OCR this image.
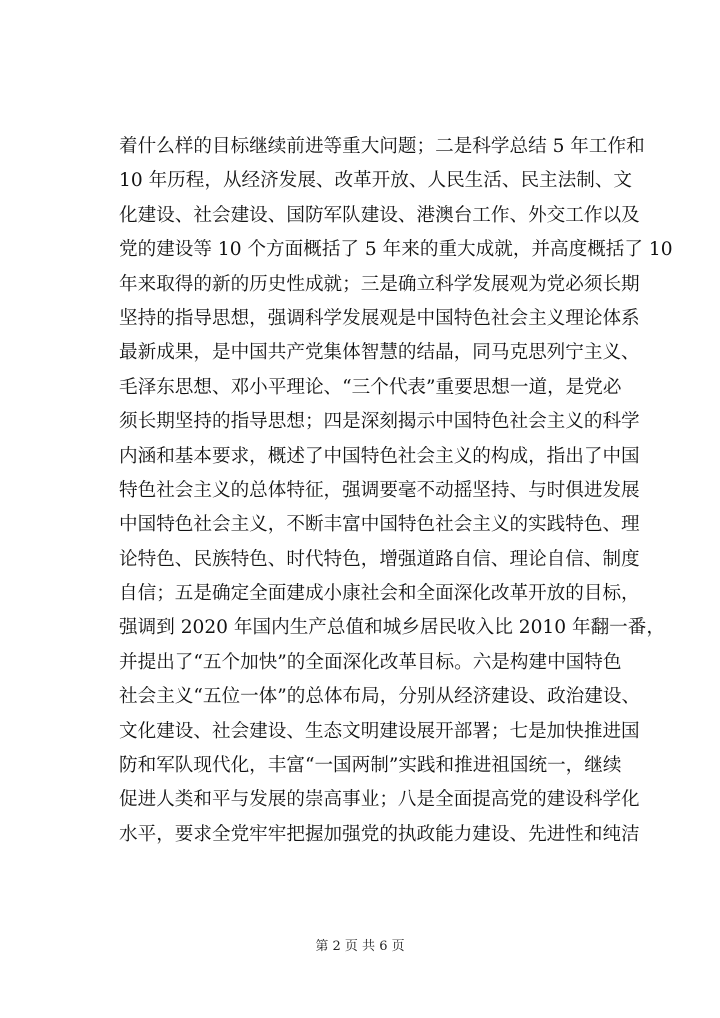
着什么样的目标继续前进等重大问题；二是科学总结 5 年工作和
10 年历程，从经济发展、改革开放、人民生活、民主法制、文
化建设、社会建设、国防军队建设、港澳台工作、外交工作以及
党的建设等 10 个方面概括了 5 年来的重大成就，并高度概括了 10
年来取得的新的历史性成就；三是确立科学发展观为党必须长期
坚持的指导思想，强调科学发展观是中国特色社会主义理论体系
最新成果，是中国共产党集体智慧的结晶，同马克思列宁主义、
毛泽东思想、邓小平理论、“三个代表”重要思想一道，是党必
须长期坚持的指导思想；四是深刻揭示中国特色社会主义的科学
内涵和基本要求，概述了中国特色社会主义的构成，指出了中国
特色社会主义的总体特征，强调要毫不动摇坚持、与时俱进发展
中国特色社会主义，不断丰富中国特色社会主义的实践特色、理
论特色、民族特色、时代特色，增强道路自信、理论自信、制度
自信；五是确定全面建成小康社会和全面深化改革开放的目标，
强调到 2020 年国内生产总值和城乡居民收入比 2010 年翻一番，
并提出了“五个加快”的全面深化改革目标。六是构建中国特色
社会主义“五位一体”的总体布局，分别从经济建设、政治建设、
文化建设、社会建设、生态文明建设展开部署；七是加快推进国
防和军队现代化，丰富“一国两制”实践和推进祖国统一，继续
促进人类和平与发展的崇高事业；八是全面提高党的建设科学化
水平，要求全党牢牢把握加强党的执政能力建设、先进性和纯洁
第 2 页 共 6 页
